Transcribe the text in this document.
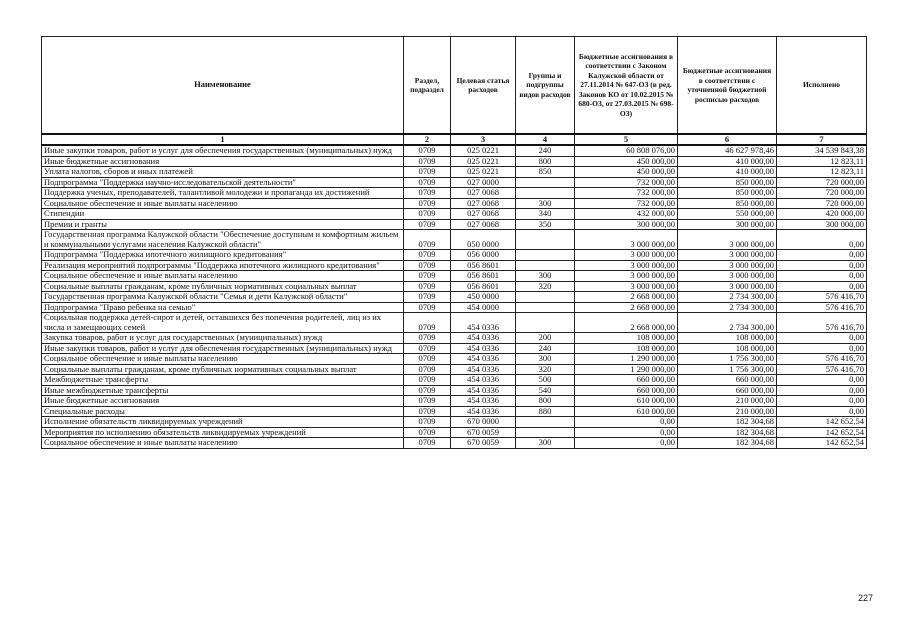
Наименование	Раздел, подраздел	Целевая статья расходов	Группы и подгруппы видов расходов	Бюджетные ассигнования в соответствии с Законом Калужской области от 27.11.2014 № 647-ОЗ (в ред. Законов КО от 10.02.2015 № 680-ОЗ, от 27.03.2015 № 698-ОЗ)	Бюджетные ассигнования в соответствии с уточненной бюджетной росписью расходов	Исполнено
1	2	3	4	5	6	7
Иные закупки товаров, работ и услуг для обеспечения государственных (муниципальных) нужд	0709	025 0221	240	60 808 076,00	46 627 978,46	34 539 843,38
Иные бюджетные ассигнования	0709	025 0221	800	450 000,00	410 000,00	12 823,11
Уплата налогов, сборов и иных платежей	0709	025 0221	850	450 000,00	410 000,00	12 823,11
Подпрограмма "Поддержка научно-исследовательской деятельности"	0709	027 0000		732 000,00	850 000,00	720 000,00
Поддержка ученых, преподавателей, талантливой молодежи и пропаганда их достижений	0709	027 0068		732 000,00	850 000,00	720 000,00
Социальное обеспечение и иные выплаты населению	0709	027 0068	300	732 000,00	850 000,00	720 000,00
Стипендии	0709	027 0068	340	432 000,00	550 000,00	420 000,00
Премии и гранты	0709	027 0068	350	300 000,00	300 000,00	300 000,00
Государственная программа Калужской области "Обеспечение доступным и комфортным жильем и коммунальными услугами населения Калужской области"	0709	050 0000		3 000 000,00	3 000 000,00	0,00
Подпрограмма "Поддержка ипотечного жилищного кредитования"	0709	056 0000		3 000 000,00	3 000 000,00	0,00
Реализация мероприятий подпрограммы "Поддержка ипотечного жилищного кредитования"	0709	056 8601		3 000 000,00	3 000 000,00	0,00
Социальное обеспечение и иные выплаты населению	0709	056 8601	300	3 000 000,00	3 000 000,00	0,00
Социальные выплаты гражданам, кроме публичных нормативных социальных выплат	0709	056 8601	320	3 000 000,00	3 000 000,00	0,00
Государственная программа Калужской области "Семья и дети Калужской области"	0709	450 0000		2 668 000,00	2 734 300,00	576 416,70
Подпрограмма "Право ребенка на семью"	0709	454 0000		2 668 000,00	2 734 300,00	576 416,70
Социальная поддержка детей-сирот и детей, оставшихся без попечения родителей, лиц из их числа и замещающих семей	0709	454 0336		2 668 000,00	2 734 300,00	576 416,70
Закупка товаров, работ и услуг для государственных (муниципальных) нужд	0709	454 0336	200	108 000,00	108 000,00	0,00
Иные закупки товаров, работ и услуг для обеспечения государственных (муниципальных) нужд	0709	454 0336	240	108 000,00	108 000,00	0,00
Социальное обеспечение и иные выплаты населению	0709	454 0336	300	1 290 000,00	1 756 300,00	576 416,70
Социальные выплаты гражданам, кроме публичных нормативных социальных выплат	0709	454 0336	320	1 290 000,00	1 756 300,00	576 416,70
Межбюджетные трансферты	0709	454 0336	500	660 000,00	660 000,00	0,00
Иные межбюджетные трансферты	0709	454 0336	540	660 000,00	660 000,00	0,00
Иные бюджетные ассигнования	0709	454 0336	800	610 000,00	210 000,00	0,00
Специальные расходы	0709	454 0336	880	610 000,00	210 000,00	0,00
Исполнение обязательств ликвидируемых учреждений	0709	670 0000		0,00	182 304,68	142 652,54
Мероприятия по исполнению обязательств ликвидируемых учреждений	0709	670 0059		0,00	182 304,68	142 652,54
Социальное обеспечение и иные выплаты населению	0709	670 0059	300	0,00	182 304,68	142 652,54
227
